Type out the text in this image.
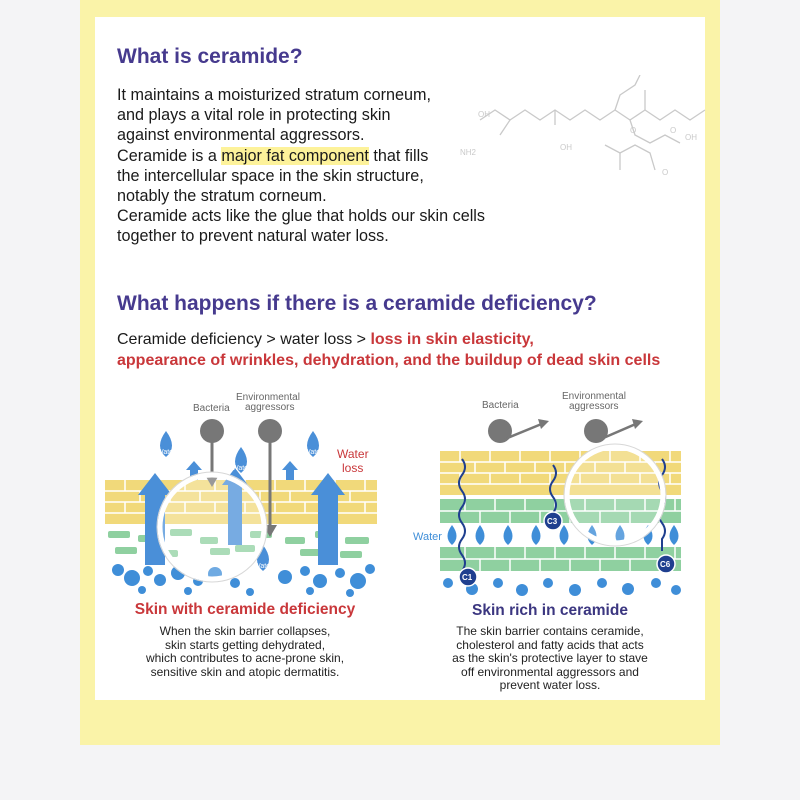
OH
OH
OH
NH2
O
O
O
What is ceramide?
It maintains a moisturized stratum corneum,
and plays a vital role in protecting skin
against environmental aggressors.
Ceramide is a major fat component that fills
the intercellular space in the skin structure,
notably the stratum corneum.
Ceramide acts like the glue that holds our skin cells
together to prevent natural water loss.
What happens if there is a ceramide deficiency?
Ceramide deficiency > water loss > loss in skin elasticity,
appearance of wrinkles, dehydration, and the buildup of dead skin cells
Bacteria
Environmental
aggressors
Water
loss
Water
Water
Water
Water
Skin with ceramide deficiency
When the skin barrier collapses,
skin starts getting dehydrated,
which contributes to acne-prone skin,
sensitive skin and atopic dermatitis.
Bacteria
Environmental
aggressors
Water
C1
C3
C6
Skin rich in ceramide
The skin barrier contains ceramide,
cholesterol and fatty acids that acts
as the skin's protective layer to stave
off environmental aggressors and
prevent water loss.
